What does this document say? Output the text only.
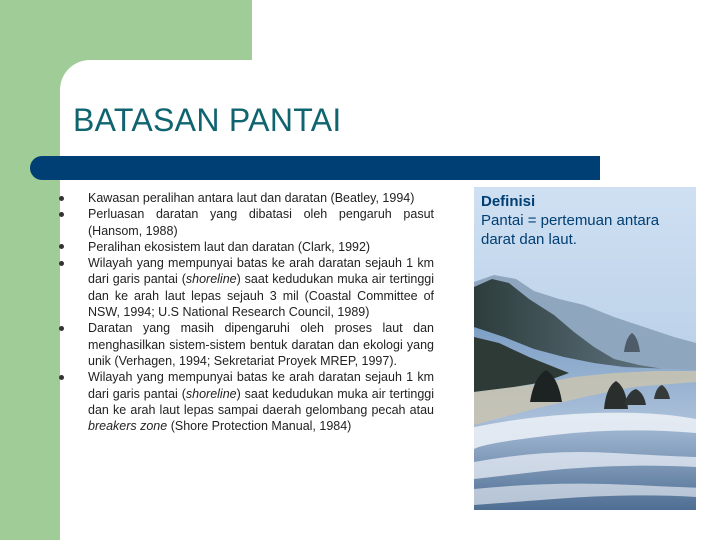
BATASAN PANTAI
Kawasan peralihan antara laut dan daratan (Beatley, 1994)
Perluasan daratan yang dibatasi oleh pengaruh pasut (Hansom, 1988)
Peralihan ekosistem laut dan daratan (Clark, 1992)
Wilayah yang mempunyai batas ke arah daratan sejauh 1 km dari garis pantai (shoreline) saat kedudukan muka air tertinggi dan ke arah laut lepas sejauh 3 mil (Coastal Committee of NSW, 1994; U.S National Research Council, 1989)
Daratan yang masih dipengaruhi oleh proses laut dan menghasilkan sistem-sistem bentuk daratan dan ekologi yang unik (Verhagen, 1994; Sekretariat Proyek MREP, 1997).
Wilayah yang mempunyai batas ke arah daratan sejauh 1 km dari garis pantai (shoreline) saat kedudukan muka air tertinggi dan ke arah laut lepas sampai daerah gelombang pecah atau breakers zone (Shore Protection Manual, 1984)
Definisi
Pantai = pertemuan antara
darat dan laut.
